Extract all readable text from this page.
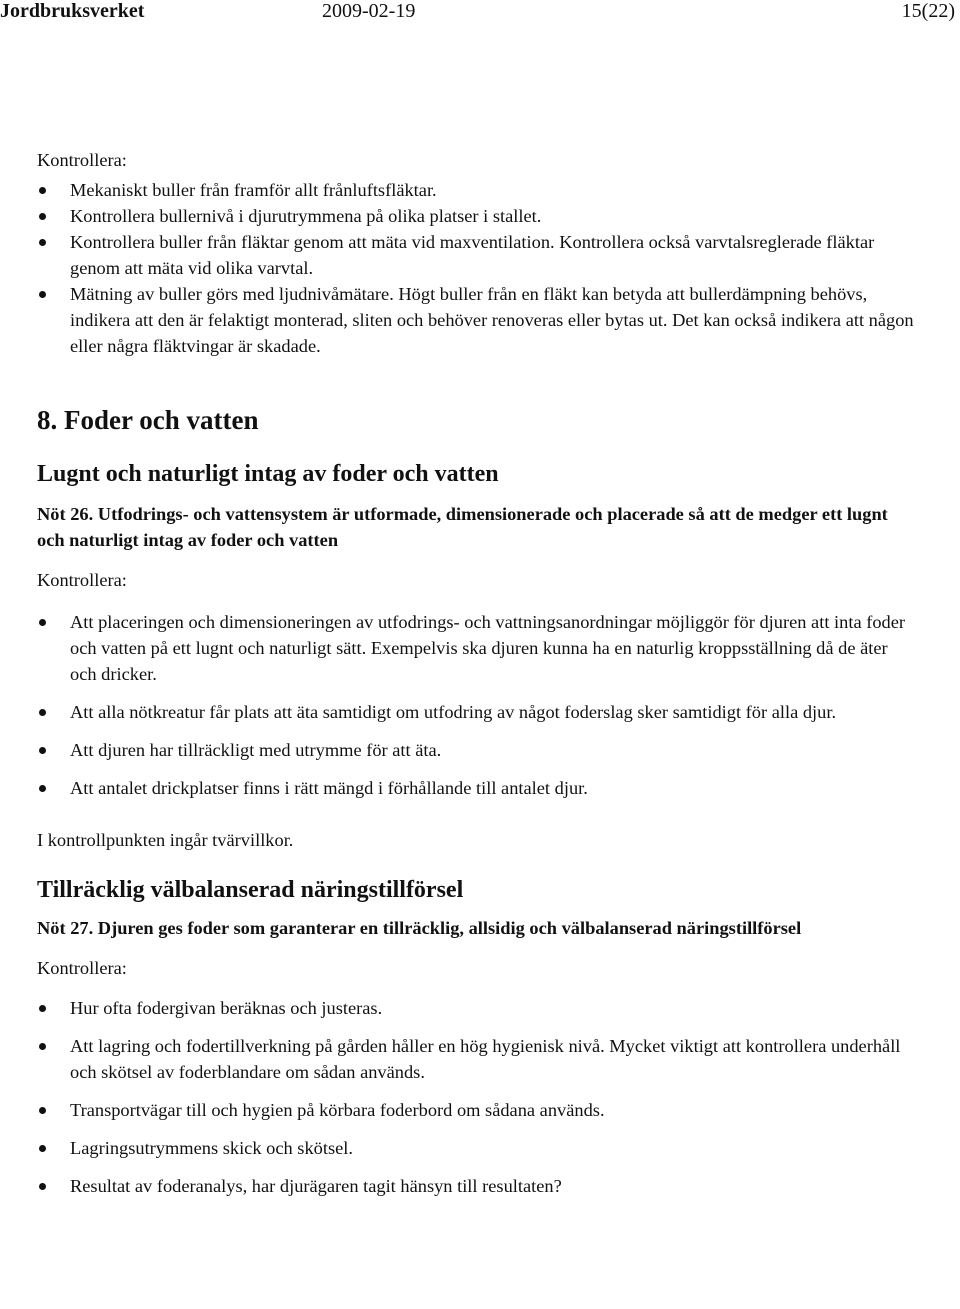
Jordbruksverket	2009-02-19	15(22)

Kontrollera:

Mekaniskt buller från framför allt frånluftsfläktar.
Kontrollera bullernivå i djurutrymmena på olika platser i stallet.
Kontrollera buller från fläktar genom att mäta vid maxventilation. Kontrollera också varvtalsreglerade fläktar genom att mäta vid olika varvtal.
Mätning av buller görs med ljudnivåmätare. Högt buller från en fläkt kan betyda att bullerdämpning behövs, indikera att den är felaktigt monterad, sliten och behöver renoveras eller bytas ut. Det kan också indikera att någon eller några fläktvingar är skadade.

8. Foder och vatten

Lugnt och naturligt intag av foder och vatten

Nöt 26. Utfodrings- och vattensystem är utformade, dimensionerade och placerade så att de medger ett lugnt och naturligt intag av foder och vatten

Kontrollera:

Att placeringen och dimensioneringen av utfodrings- och vattningsanordningar möjliggör för djuren att inta foder och vatten på ett lugnt och naturligt sätt. Exempelvis ska djuren kunna ha en naturlig kroppsställning då de äter och dricker.
Att alla nötkreatur får plats att äta samtidigt om utfodring av något foderslag sker samtidigt för alla djur.
Att djuren har tillräckligt med utrymme för att äta.
Att antalet drickplatser finns i rätt mängd i förhållande till antalet djur.

I kontrollpunkten ingår tvärvillkor.

Tillräcklig välbalanserad näringstillförsel

Nöt 27. Djuren ges foder som garanterar en tillräcklig, allsidig och välbalanserad näringstillförsel

Kontrollera:

Hur ofta fodergivan beräknas och justeras.
Att lagring och fodertillverkning på gården håller en hög hygienisk nivå. Mycket viktigt att kontrollera underhåll och skötsel av foderblandare om sådan används.
Transportvägar till och hygien på körbara foderbord om sådana används.
Lagringsutrymmens skick och skötsel.
Resultat av foderanalys, har djurägaren tagit hänsyn till resultaten?
